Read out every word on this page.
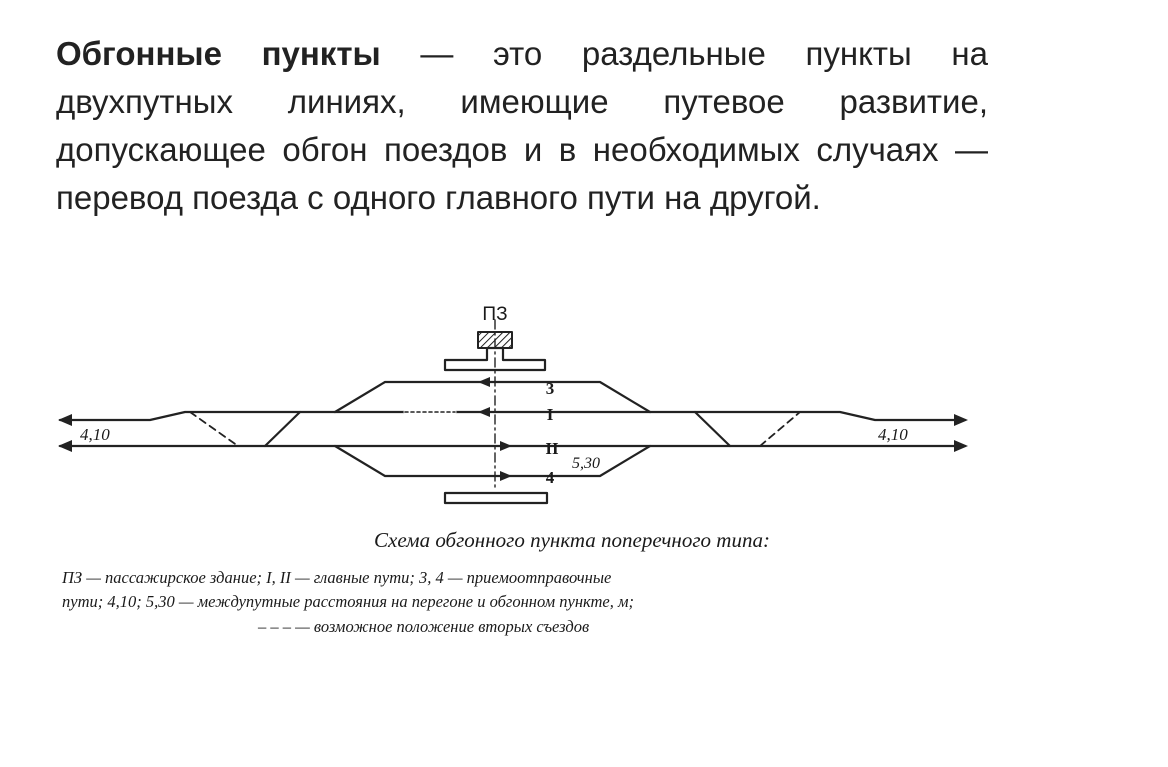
Обгонные пункты — это раздельные пункты на двухпутных линиях, имеющие путевое развитие, допускающее обгон поездов и в необходимых случаях — перевод поезда с одного главного пути на другой.
ПЗ
3
I
II
4
4,10	4,10
5,30
Схема обгонного пункта поперечного типа:
ПЗ — пассажирское здание; I, II — главные пути; 3, 4 — приемоотправочные
пути; 4,10; 5,30 — междупутные расстояния на перегоне и обгонном пункте, м;
– – – — возможное положение вторых съездов
